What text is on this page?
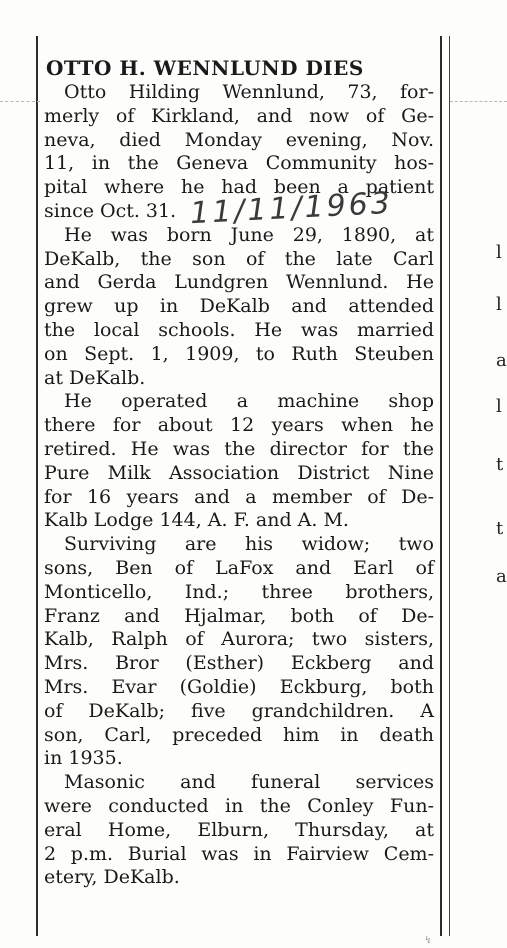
OTTO H. WENNLUND DIES
Otto Hilding Wennlund, 73, for-
merly of Kirkland, and now of Ge-
neva, died Monday evening, Nov.
11, in the Geneva Community hos-
pital where he had been a patient
since Oct. 31.
He was born June 29, 1890, at
DeKalb, the son of the late Carl
and Gerda Lundgren Wennlund. He
grew up in DeKalb and attended
the local schools. He was married
on Sept. 1, 1909, to Ruth Steuben
at DeKalb.
He operated a machine shop
there for about 12 years when he
retired. He was the director for the
Pure Milk Association District Nine
for 16 years and a member of De-
Kalb Lodge 144, A. F. and A. M.
Surviving are his widow; two
sons, Ben of LaFox and Earl of
Monticello, Ind.; three brothers,
Franz and Hjalmar, both of De-
Kalb, Ralph of Aurora; two sisters,
Mrs. Bror (Esther) Eckberg and
Mrs. Evar (Goldie) Eckburg, both
of DeKalb; five grandchildren. A
son, Carl, preceded him in death
in 1935.
Masonic and funeral services
were conducted in the Conley Fun-
eral Home, Elburn, Thursday, at
2 p.m. Burial was in Fairview Cem-
etery, DeKalb.
11/11/1963
l
l
a
l
t
t
a
↯
